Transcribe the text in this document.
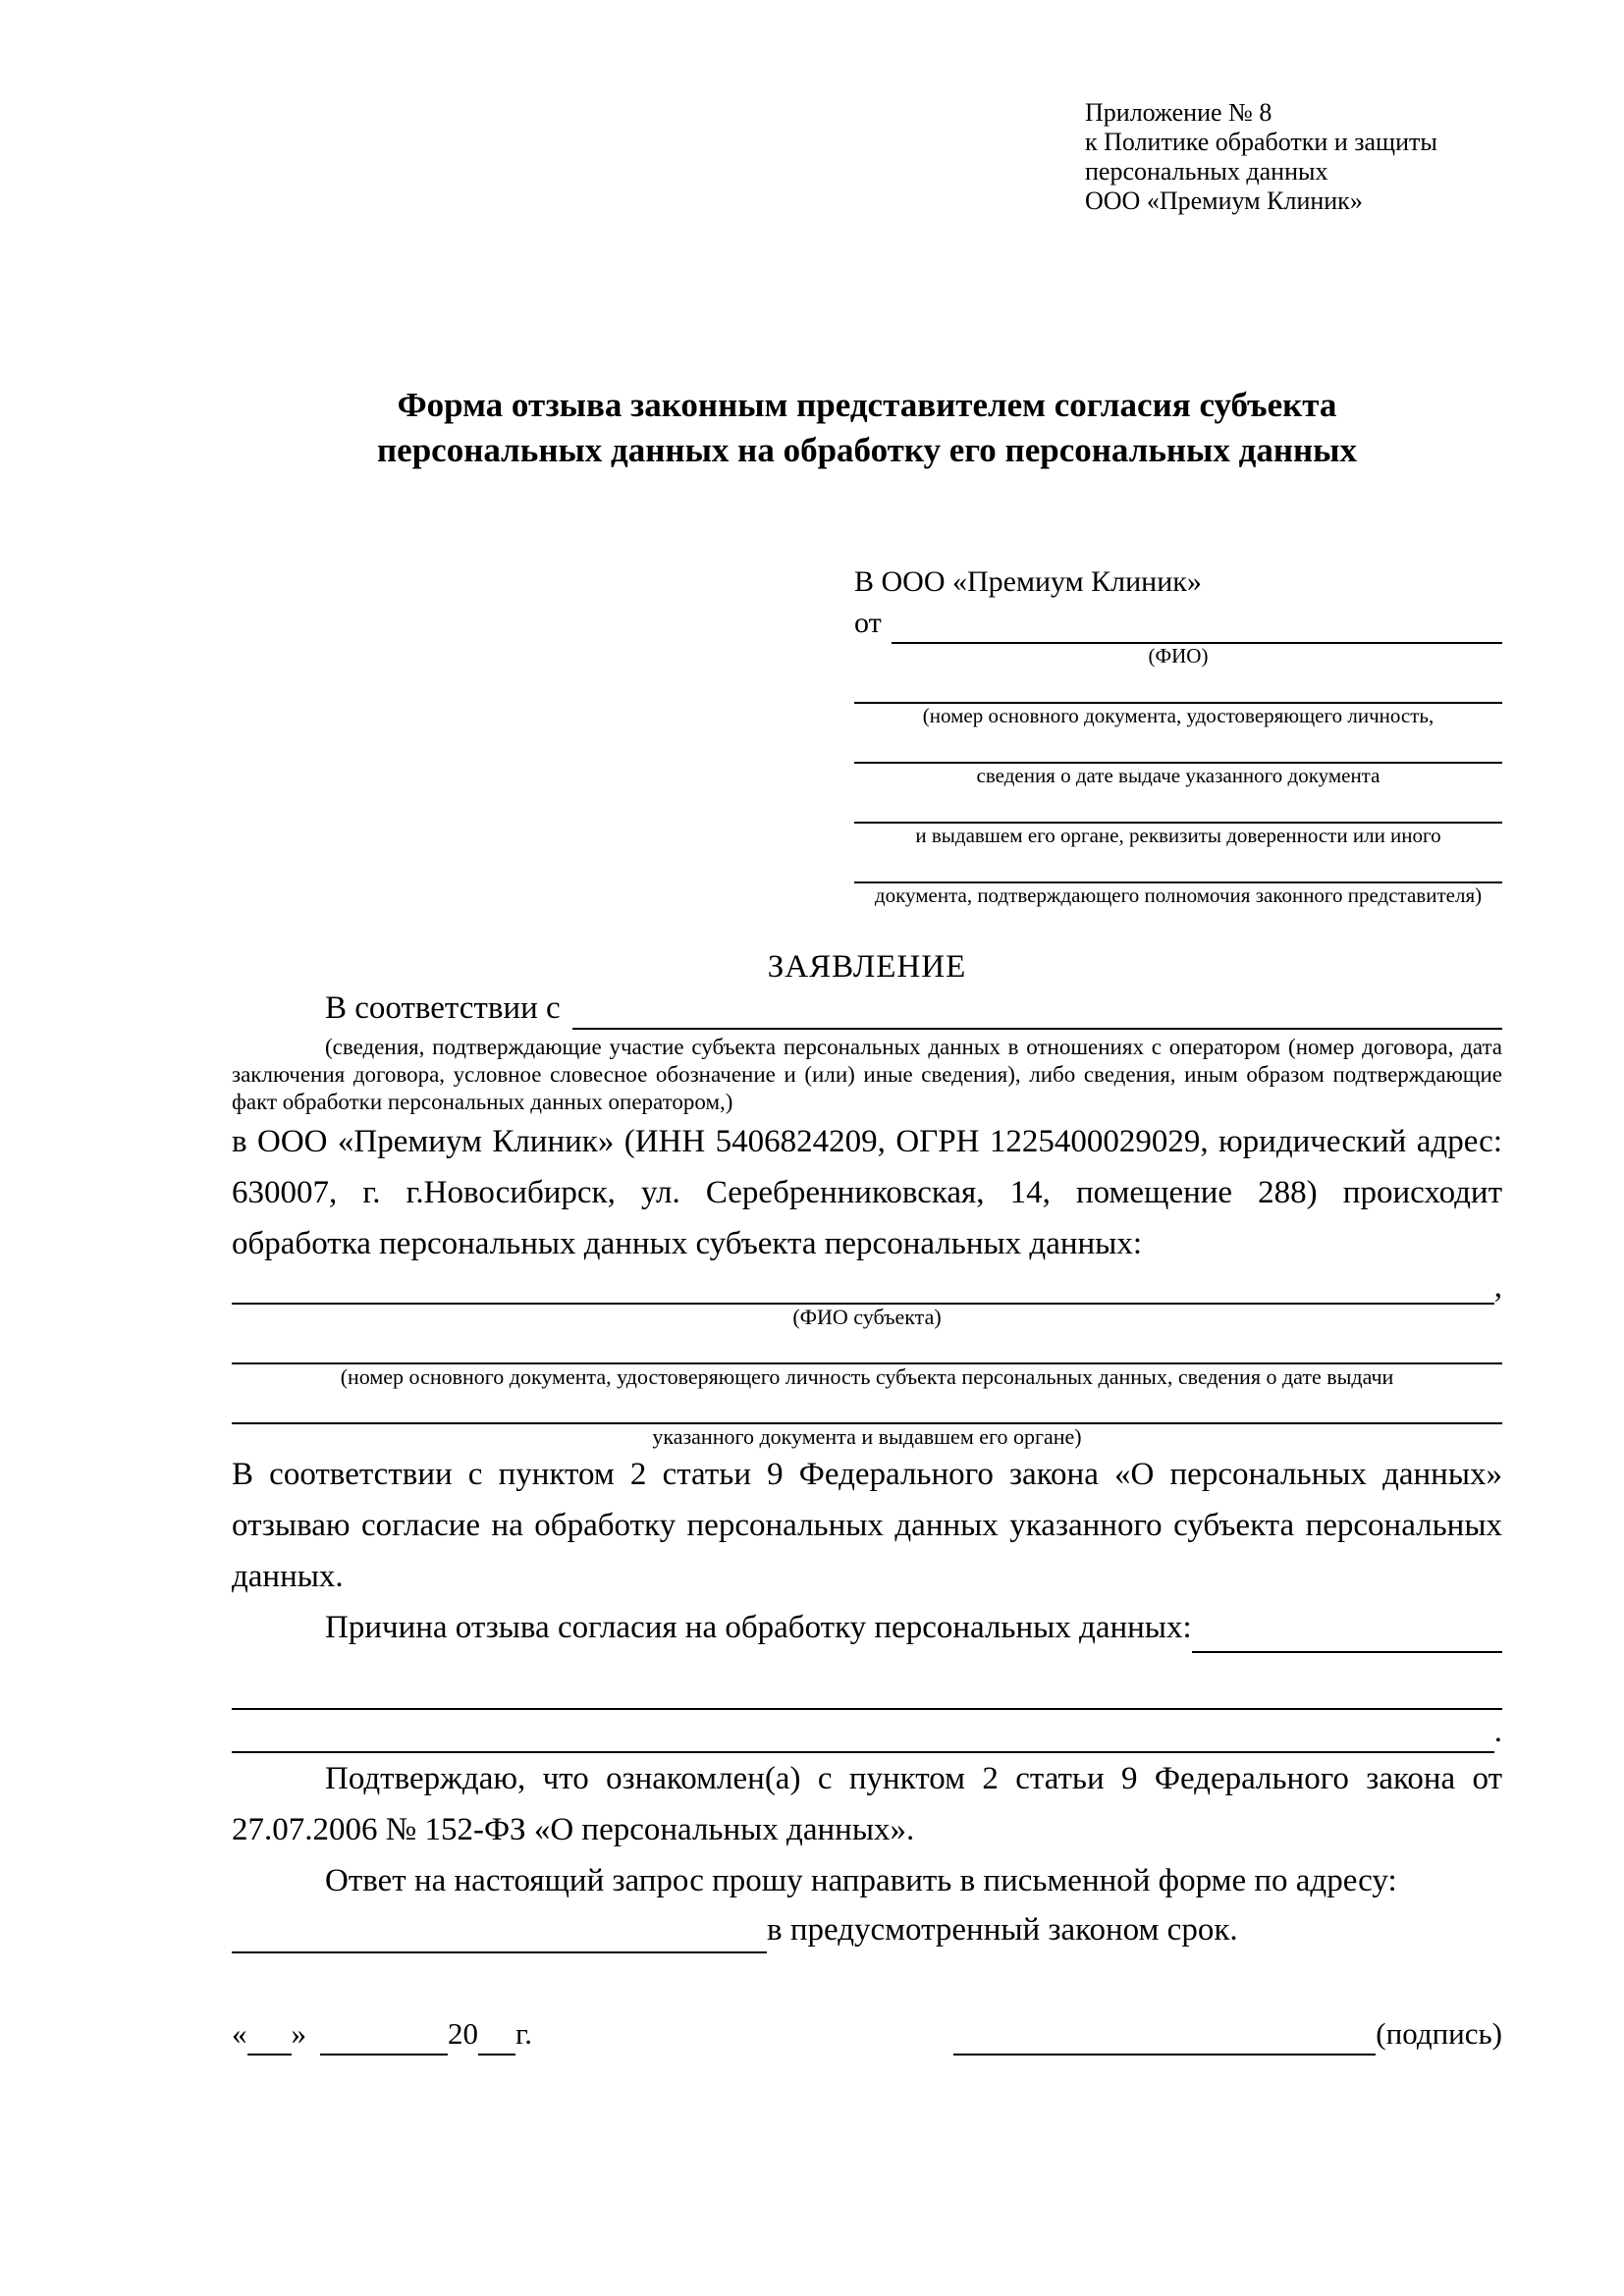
Приложение № 8
к Политике обработки и защиты
персональных данных
ООО «Премиум Клиник»
Форма отзыва законным представителем согласия субъекта
персональных данных на обработку его персональных данных
В ООО «Премиум Клиник»
от
(ФИО)
(номер основного документа, удостоверяющего личность,
сведения о дате выдаче указанного документа
и выдавшем его органе, реквизиты доверенности или иного
документа, подтверждающего полномочия законного представителя)
ЗАЯВЛЕНИЕ
В соответствии с

(сведения, подтверждающие участие субъекта персональных данных в отношениях с оператором (номер договора, дата заключения договора, условное словесное обозначение и (или) иные сведения), либо сведения, иным образом подтверждающие факт обработки персональных данных оператором,)

в ООО «Премиум Клиник» (ИНН 5406824209, ОГРН 1225400029029, юридический адрес: 630007, г. г.Новосибирск, ул. Серебренниковская, 14, помещение 288) происходит обработка персональных данных субъекта персональных данных:

,
(ФИО субъекта)
(номер основного документа, удостоверяющего личность субъекта персональных данных, сведения о дате выдачи
указанного документа и выдавшем его органе)

В соответствии с пунктом 2 статьи 9 Федерального закона «О персональных данных» отзываю согласие на обработку персональных данных указанного субъекта персональных данных.

Причина отзыва согласия на обработку персональных данных:
.

Подтверждаю, что ознакомлен(а) с пунктом 2 статьи 9 Федерального закона от 27.07.2006 № 152-ФЗ «О персональных данных».

Ответ на настоящий запрос прошу направить в письменной форме по адресу:

в предусмотренный законом срок.
« »	20 г.	(подпись)
